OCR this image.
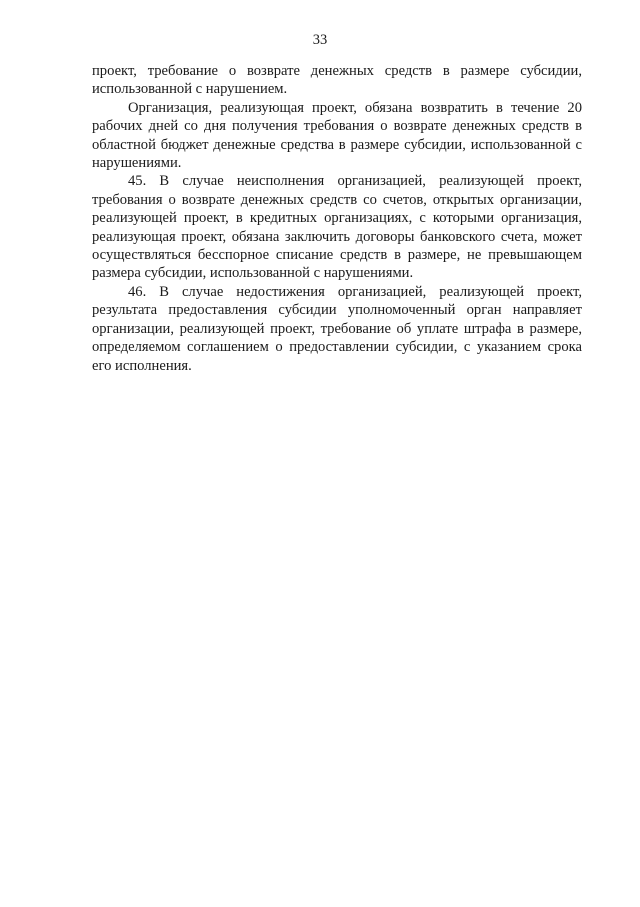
33

проект, требование о возврате денежных средств в размере субсидии, использованной с нарушением.

Организация, реализующая проект, обязана возвратить в течение 20 рабочих дней со дня получения требования о возврате денежных средств в областной бюджет денежные средства в размере субсидии, использованной с нарушениями.

45. В случае неисполнения организацией, реализующей проект, требования о возврате денежных средств со счетов, открытых организации, реализующей проект, в кредитных организациях, с которыми организация, реализующая проект, обязана заключить договоры банковского счета, может осуществляться бесспорное списание средств в размере, не превышающем размера субсидии, использованной с нарушениями.

46. В случае недостижения организацией, реализующей проект, результата предоставления субсидии уполномоченный орган направляет организации, реализующей проект, требование об уплате штрафа в размере, определяемом соглашением о предоставлении субсидии, с указанием срока его исполнения.
